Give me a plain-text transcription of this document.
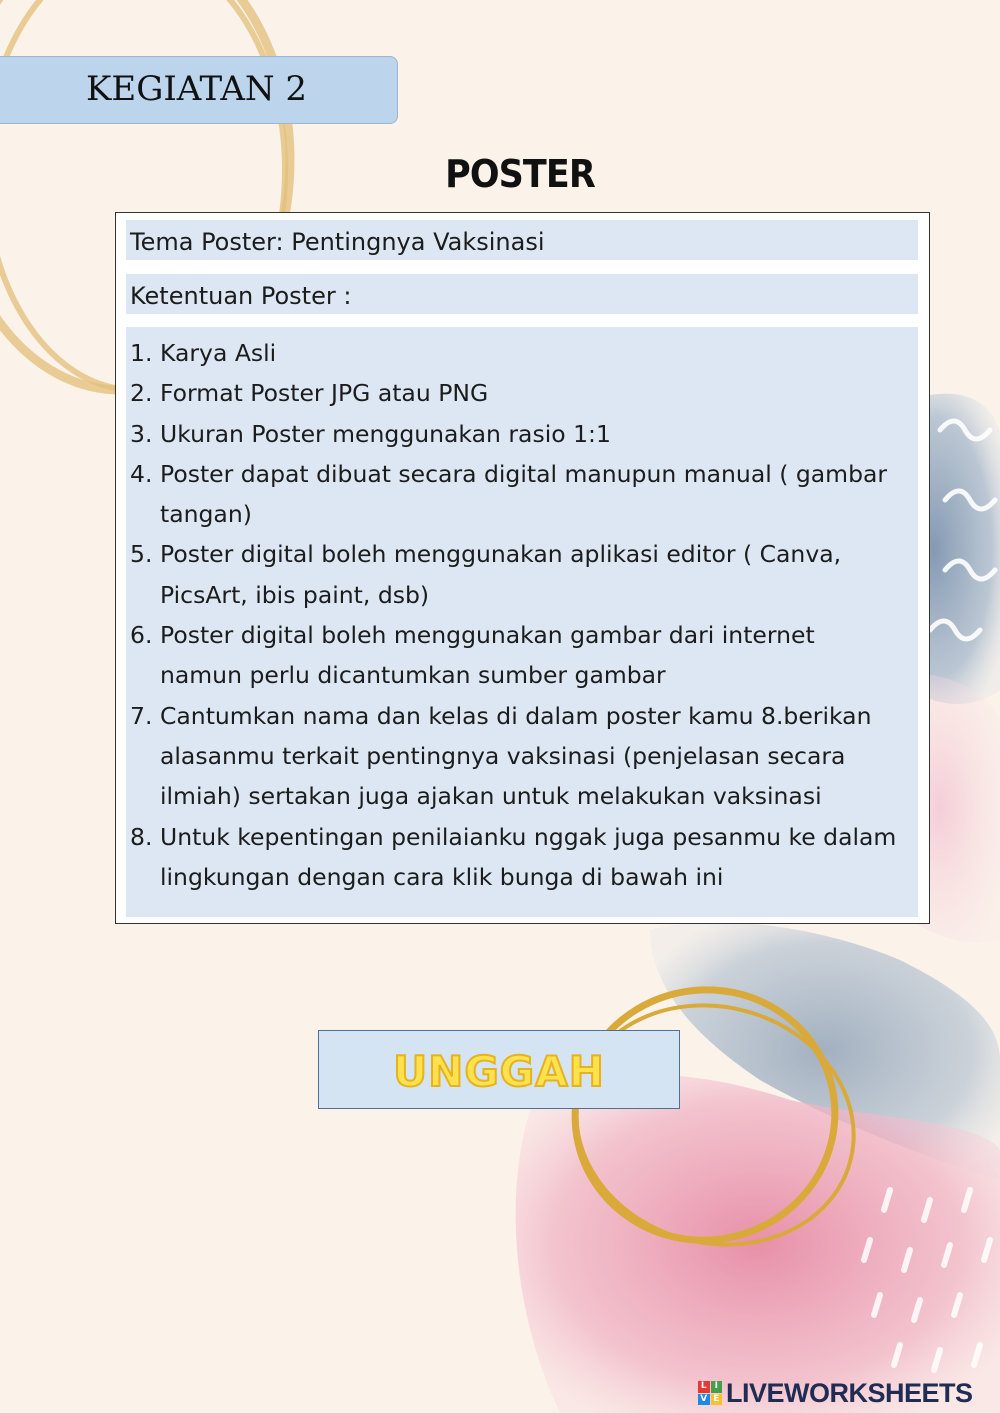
KEGIATAN 2
POSTER
Tema Poster: Pentingnya Vaksinasi
Ketentuan Poster :
1. Karya Asli
2. Format Poster JPG atau PNG
3. Ukuran Poster menggunakan rasio 1:1
4. Poster dapat dibuat secara digital manupun manual ( gambar
tangan)
5. Poster digital boleh menggunakan aplikasi editor ( Canva,
PicsArt, ibis paint, dsb)
6. Poster digital boleh menggunakan gambar dari internet
namun perlu dicantumkan sumber gambar
7. Cantumkan nama dan kelas di dalam poster kamu 8.berikan
alasanmu terkait pentingnya vaksinasi (penjelasan secara
ilmiah) sertakan juga ajakan untuk melakukan vaksinasi
8. Untuk kepentingan penilaianku nggak juga pesanmu ke dalam
lingkungan dengan cara klik bunga di bawah ini
UNGGAH
L I
V E LIVEWORKSHEETS
